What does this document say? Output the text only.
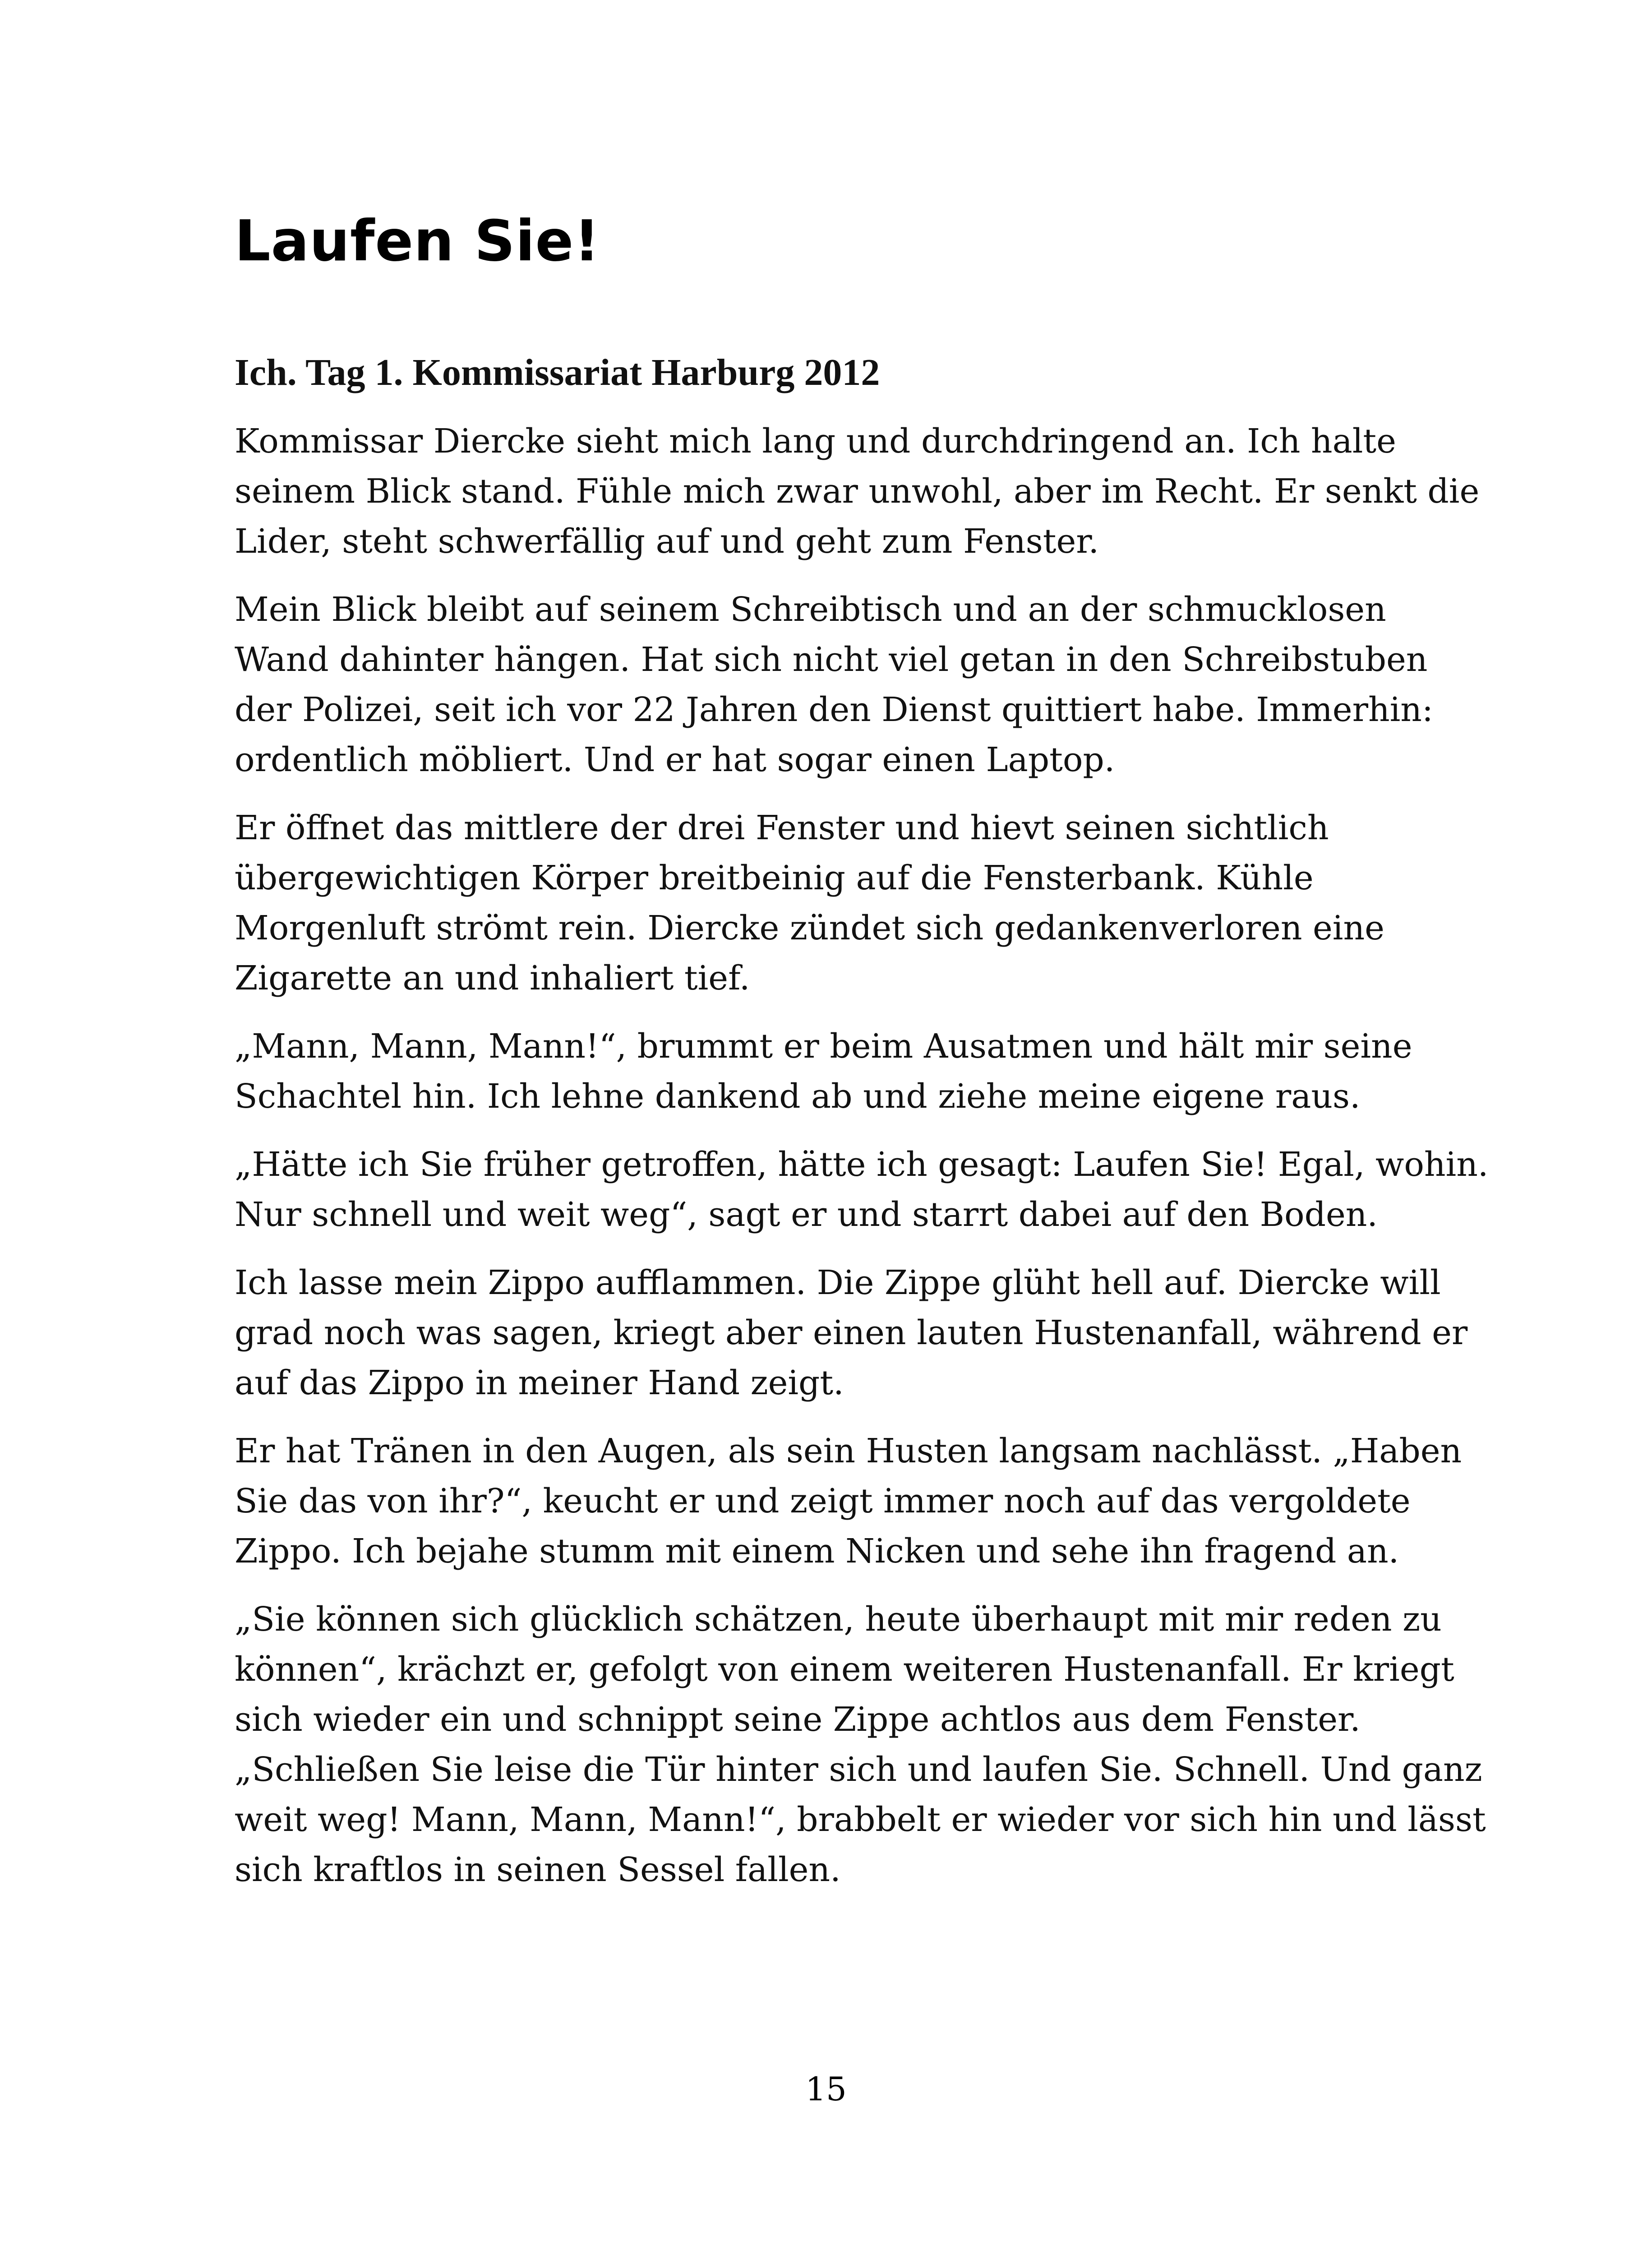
Laufen Sie!
Ich. Tag 1. Kommissariat Harburg 2012

Kommissar Diercke sieht mich lang und durchdringend an. Ich halte
seinem Blick stand. Fühle mich zwar unwohl, aber im Recht. Er senkt die
Lider, steht schwerfällig auf und geht zum Fenster.

Mein Blick bleibt auf seinem Schreibtisch und an der schmucklosen
Wand dahinter hängen. Hat sich nicht viel getan in den Schreibstuben
der Polizei, seit ich vor 22 Jahren den Dienst quittiert habe. Immerhin:
ordentlich möbliert. Und er hat sogar einen Laptop.

Er öffnet das mittlere der drei Fenster und hievt seinen sichtlich
übergewichtigen Körper breitbeinig auf die Fensterbank. Kühle
Morgenluft strömt rein. Diercke zündet sich gedankenverloren eine
Zigarette an und inhaliert tief.

„Mann, Mann, Mann!“, brummt er beim Ausatmen und hält mir seine
Schachtel hin. Ich lehne dankend ab und ziehe meine eigene raus.

„Hätte ich Sie früher getroffen, hätte ich gesagt: Laufen Sie! Egal, wohin.
Nur schnell und weit weg“, sagt er und starrt dabei auf den Boden.

Ich lasse mein Zippo aufflammen. Die Zippe glüht hell auf. Diercke will
grad noch was sagen, kriegt aber einen lauten Hustenanfall, während er
auf das Zippo in meiner Hand zeigt.

Er hat Tränen in den Augen, als sein Husten langsam nachlässt. „Haben
Sie das von ihr?“, keucht er und zeigt immer noch auf das vergoldete
Zippo. Ich bejahe stumm mit einem Nicken und sehe ihn fragend an.

„Sie können sich glücklich schätzen, heute überhaupt mit mir reden zu
können“, krächzt er, gefolgt von einem weiteren Hustenanfall. Er kriegt
sich wieder ein und schnippt seine Zippe achtlos aus dem Fenster.
„Schließen Sie leise die Tür hinter sich und laufen Sie. Schnell. Und ganz
weit weg! Mann, Mann, Mann!“, brabbelt er wieder vor sich hin und lässt
sich kraftlos in seinen Sessel fallen.

15
